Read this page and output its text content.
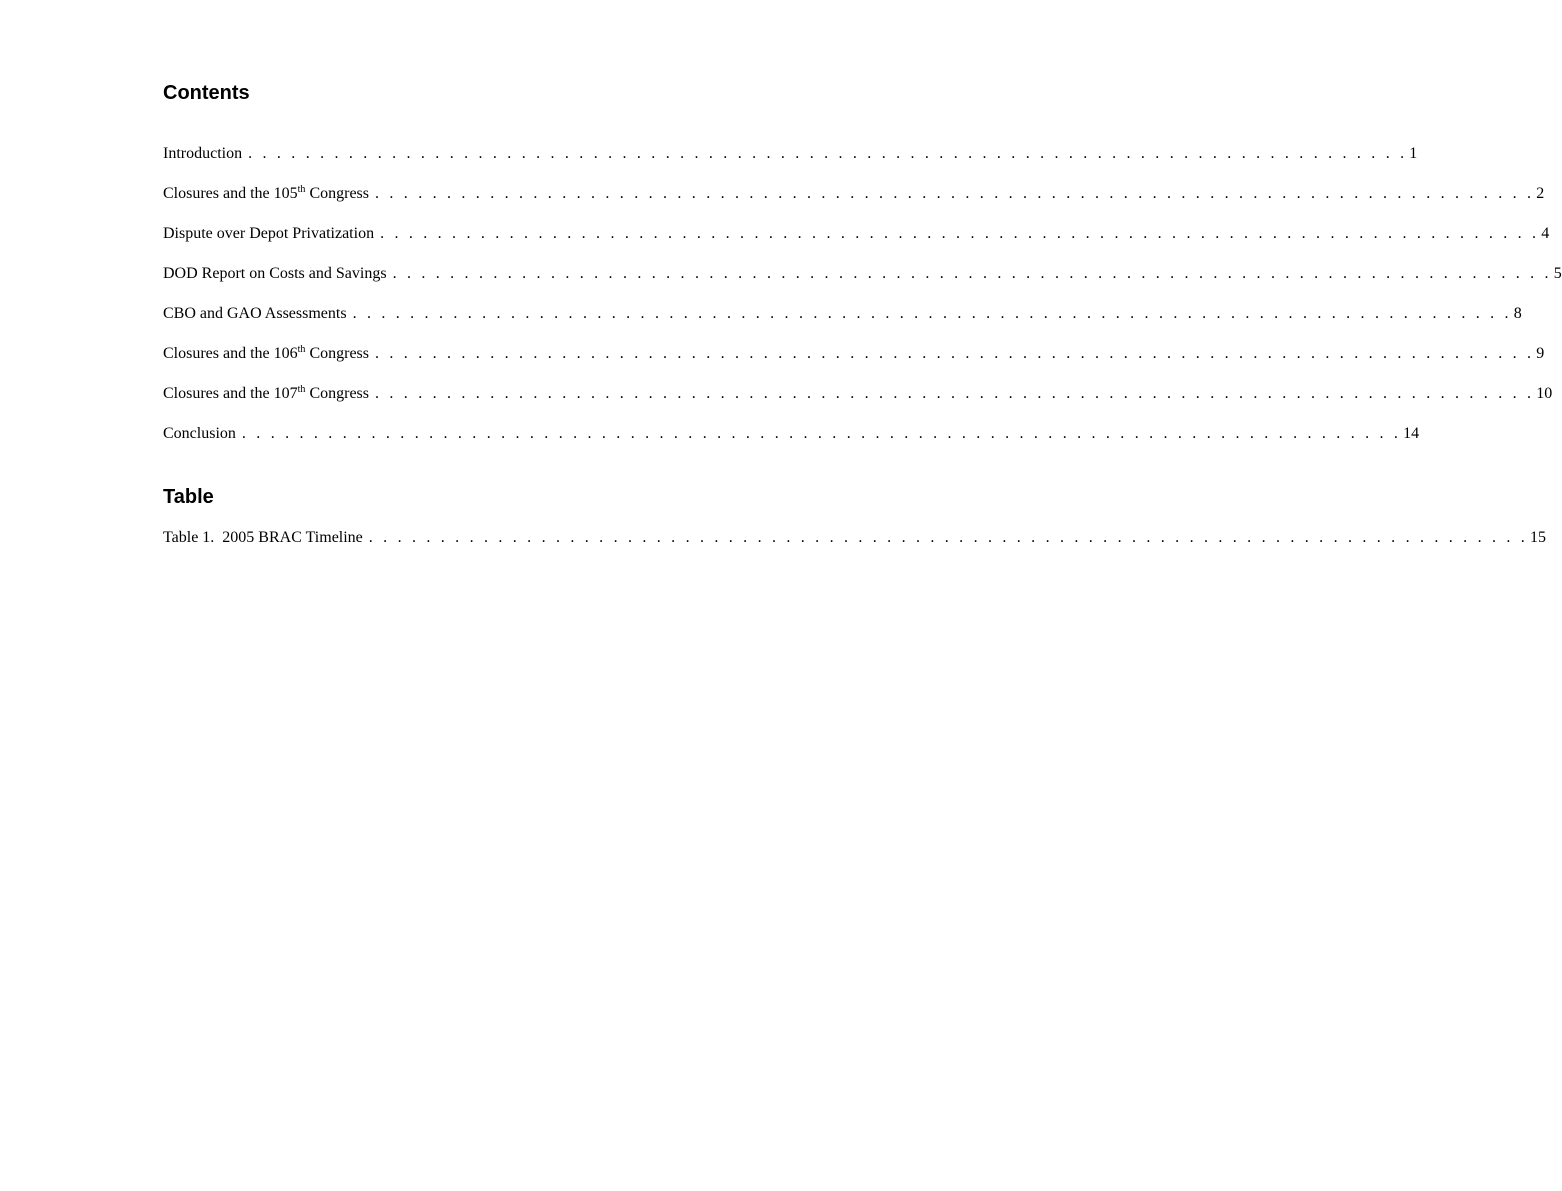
Contents
Introduction . . . . . . . . . . . . . . . . . . . . . . . . . . . . . . . . . . . . . . . . . . . . . . . . . . . . . . . . . . . . . . . . . . . . . . . . . . . . . . . . . 1
Closures and the 105th Congress . . . . . . . . . . . . . . . . . . . . . . . . . . . . . . . . . . . . . . . . . . . . . . . . . . . . . . . . . . . . . . . . . . . . . . . . . . . . . . . . . 2
Dispute over Depot Privatization . . . . . . . . . . . . . . . . . . . . . . . . . . . . . . . . . . . . . . . . . . . . . . . . . . . . . . . . . . . . . . . . . . . . . . . . . . . . . . . . . 4
DOD Report on Costs and Savings . . . . . . . . . . . . . . . . . . . . . . . . . . . . . . . . . . . . . . . . . . . . . . . . . . . . . . . . . . . . . . . . . . . . . . . . . . . . . . . . . 5
CBO and GAO Assessments . . . . . . . . . . . . . . . . . . . . . . . . . . . . . . . . . . . . . . . . . . . . . . . . . . . . . . . . . . . . . . . . . . . . . . . . . . . . . . . . . 8
Closures and the 106th Congress . . . . . . . . . . . . . . . . . . . . . . . . . . . . . . . . . . . . . . . . . . . . . . . . . . . . . . . . . . . . . . . . . . . . . . . . . . . . . . . . . 9
Closures and the 107th Congress . . . . . . . . . . . . . . . . . . . . . . . . . . . . . . . . . . . . . . . . . . . . . . . . . . . . . . . . . . . . . . . . . . . . . . . . . . . . . . . . . 10
Conclusion . . . . . . . . . . . . . . . . . . . . . . . . . . . . . . . . . . . . . . . . . . . . . . . . . . . . . . . . . . . . . . . . . . . . . . . . . . . . . . . . . 14
Table
Table 1.  2005 BRAC Timeline . . . . . . . . . . . . . . . . . . . . . . . . . . . . . . . . . . . . . . . . . . . . . . . . . . . . . . . . . . . . . . . . . . . . . . . . . . . . . . . . . 15
